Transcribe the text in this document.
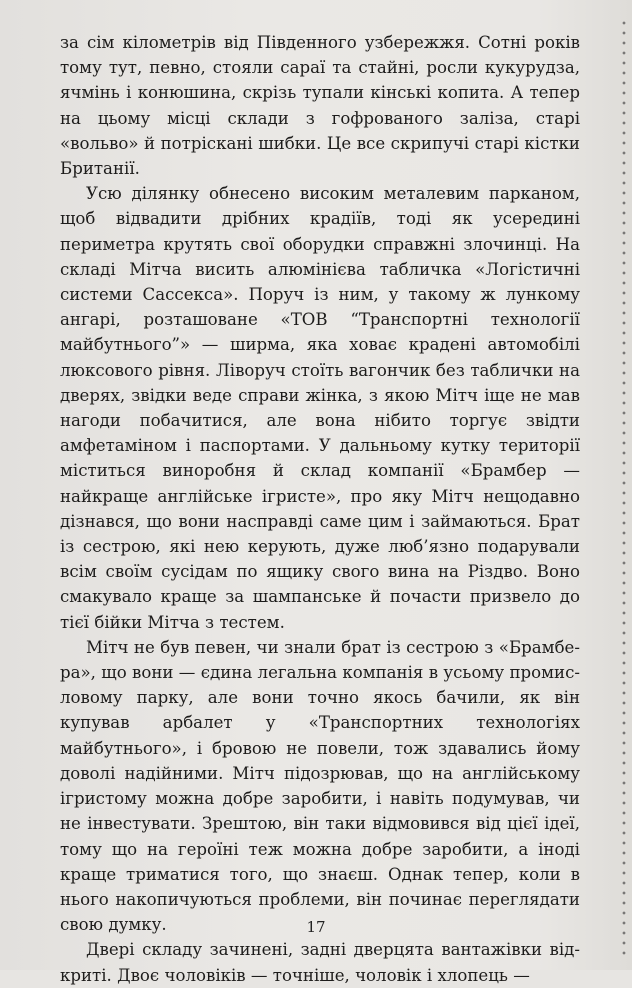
за сім кілометрів від Південного узбережжя. Сотні років тому тут, певно, стояли сараї та стайні, росли кукурудза, ячмінь і конюшина, скрізь тупали кінські копита. А тепер на цьому місці склади з гофрованого заліза, старі «вольво» й потріскані шибки. Це все скрипучі старі кістки Британії.

Усю ділянку обнесено високим металевим парканом, щоб відвадити дрібних крадіїв, тоді як усередині периметра крутять свої оборудки справжні злочинці. На складі Мітча висить алюмінієва табличка «Логістичні системи Сассекса». Поруч із ним, у такому ж лункому ангарі, розташоване «ТОВ “Транспортні технології майбутнього”» — ширма, яка ховає крадені автомобілі люксового рівня. Ліворуч стоїть вагончик без таблички на дверях, звідки веде справи жінка, з якою Мітч іще не мав нагоди побачитися, але вона нібито торгує звідти амфетаміном і паспортами. У дальньому кутку території міститься виноробня й склад компанії «Брамбер — найкраще англійське ігристе», про яку Мітч нещодавно дізнався, що вони насправді саме цим і займаються. Брат із сестрою, які нею керують, дуже люб’язно подарували всім своїм сусідам по ящику свого вина на Різдво. Воно смакувало краще за шампанське й почасти призвело до тієї бійки Мітча з тестем.

Мітч не був певен, чи знали брат із сестрою з «Брамбера», що вони — єдина легальна компанія в усьому промисловому парку, але вони точно якось бачили, як він купував арбалет у «Транспортних технологіях майбутнього», і бровою не повели, тож здавались йому доволі надійними. Мітч підозрював, що на англійському ігристому можна добре заробити, і навіть подумував, чи не інвестувати. Зрештою, він таки відмовився від цієї ідеї, тому що на героїні теж можна добре заробити, а іноді краще триматися того, що знаєш. Однак тепер, коли в нього накопичуються проблеми, він починає переглядати свою думку.

Двері складу зачинені, задні дверцята вантажівки відкриті. Двоє чоловіків — точніше, чоловік і хлопець —

17
